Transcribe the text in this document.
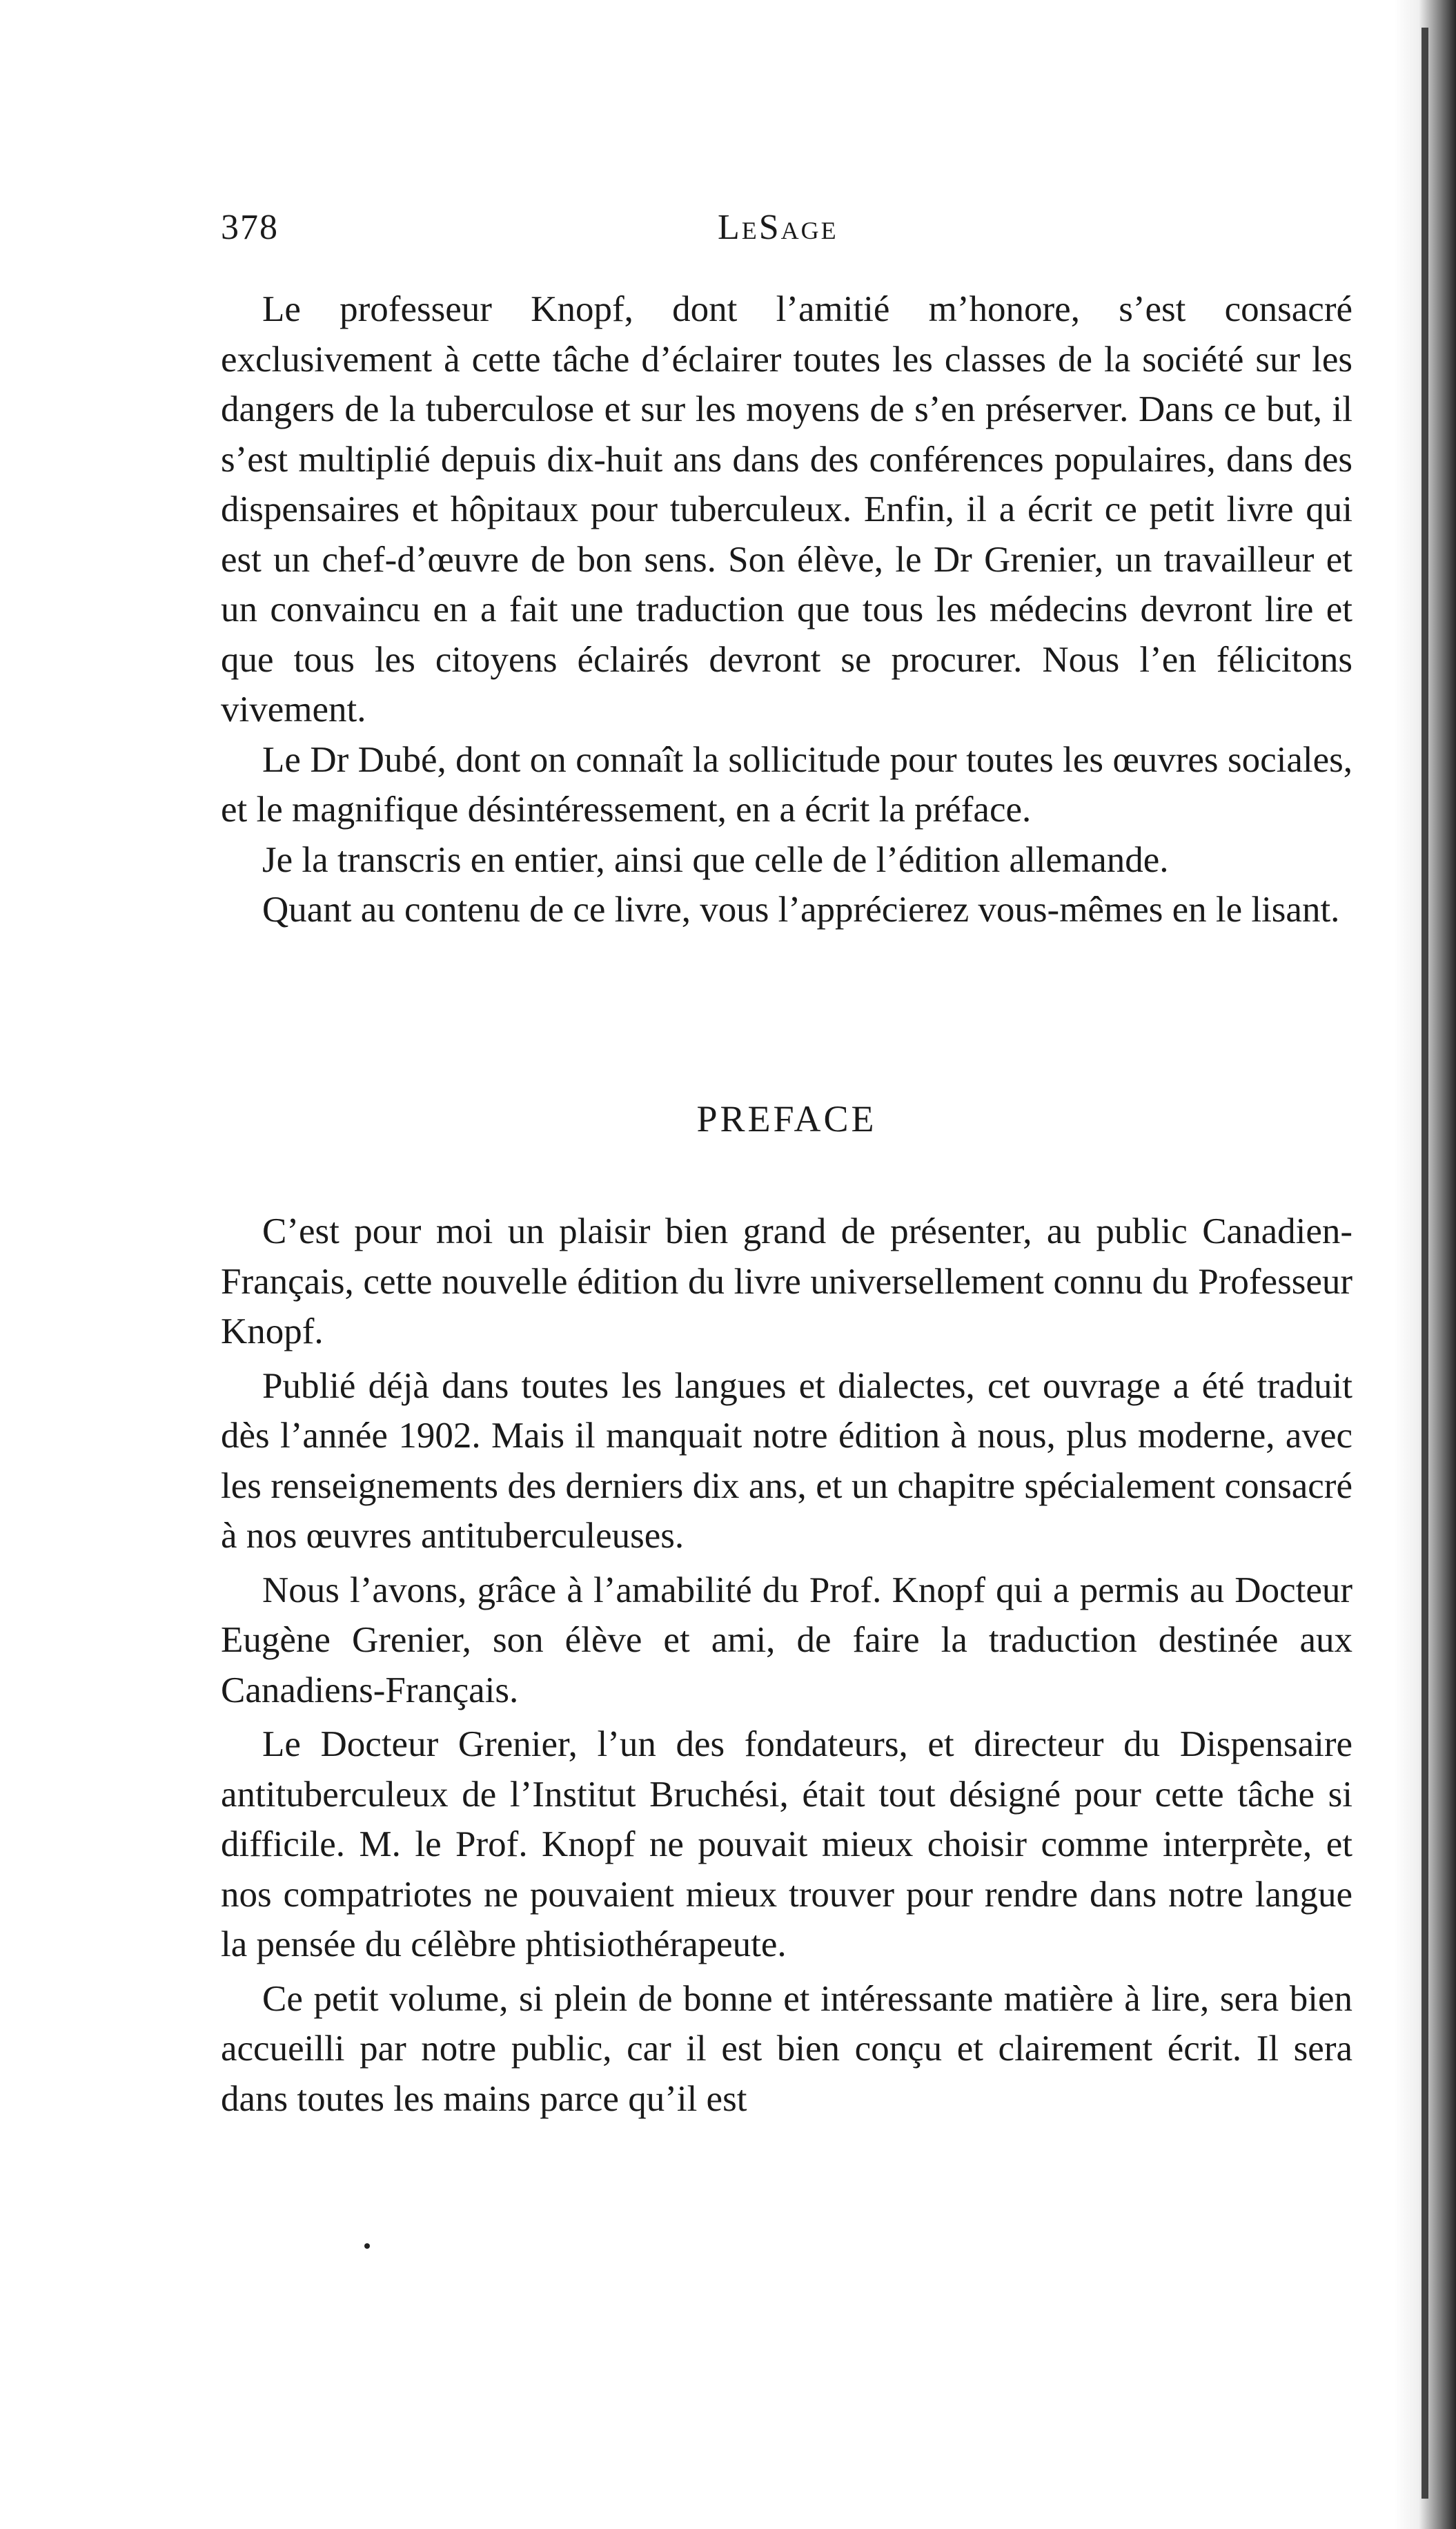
378	LeSage

Le professeur Knopf, dont l’amitié m’honore, s’est consacré exclusivement à cette tâche d’éclairer toutes les classes de la société sur les dangers de la tuberculose et sur les moyens de s’en préserver. Dans ce but, il s’est multiplié depuis dix-huit ans dans des conférences populaires, dans des dispensaires et hôpitaux pour tuberculeux. Enfin, il a écrit ce petit livre qui est un chef-d’œuvre de bon sens. Son élève, le Dr Grenier, un travailleur et un convaincu en a fait une traduction que tous les médecins devront lire et que tous les citoyens éclairés devront se procurer. Nous l’en félicitons vivement.

Le Dr Dubé, dont on connaît la sollicitude pour toutes les œuvres sociales, et le magnifique désintéressement, en a écrit la préface.

Je la transcris en entier, ainsi que celle de l’édition allemande.

Quant au contenu de ce livre, vous l’apprécierez vous-mêmes en le lisant.

PREFACE

C’est pour moi un plaisir bien grand de présenter, au public Canadien-Français, cette nouvelle édition du livre universellement connu du Professeur Knopf.

Publié déjà dans toutes les langues et dialectes, cet ouvrage a été traduit dès l’année 1902. Mais il manquait notre édition à nous, plus moderne, avec les renseignements des derniers dix ans, et un chapitre spécialement consacré à nos œuvres antituberculeuses.

Nous l’avons, grâce à l’amabilité du Prof. Knopf qui a permis au Docteur Eugène Grenier, son élève et ami, de faire la traduction destinée aux Canadiens-Français.

Le Docteur Grenier, l’un des fondateurs, et directeur du Dispensaire antituberculeux de l’Institut Bruchési, était tout désigné pour cette tâche si difficile. M. le Prof. Knopf ne pouvait mieux choisir comme interprète, et nos compatriotes ne pouvaient mieux trouver pour rendre dans notre langue la pensée du célèbre phtisiothérapeute.

Ce petit volume, si plein de bonne et intéressante matière à lire, sera bien accueilli par notre public, car il est bien conçu et clairement écrit. Il sera dans toutes les mains parce qu’il est
